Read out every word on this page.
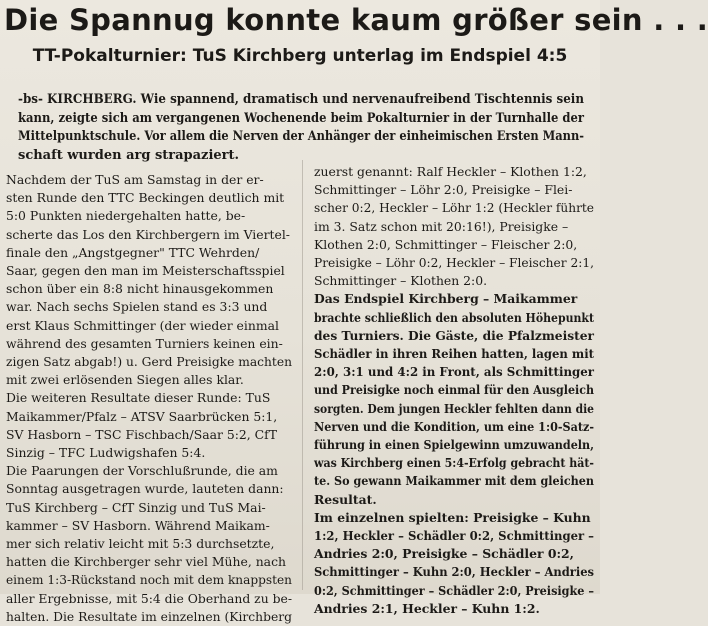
Die Spannug konnte kaum größer sein . . .
TT-Pokalturnier: TuS Kirchberg unterlag im Endspiel 4:5
-bs- KIRCHBERG. Wie spannend, dramatisch und nervenaufreibend Tischtennis sein
kann, zeigte sich am vergangenen Wochenende beim Pokalturnier in der Turnhalle der
Mittelpunktschule. Vor allem die Nerven der Anhänger der einheimischen Ersten Mann-
schaft wurden arg strapaziert.
Nachdem der TuS am Samstag in der er-
sten Runde den TTC Beckingen deutlich mit
5:0 Punkten niedergehalten hatte, be-
scherte das Los den Kirchbergern im Viertel-
finale den „Angstgegner" TTC Wehrden/
Saar, gegen den man im Meisterschaftsspiel
schon über ein 8:8 nicht hinausgekommen
war. Nach sechs Spielen stand es 3:3 und
erst Klaus Schmittinger (der wieder einmal
während des gesamten Turniers keinen ein-
zigen Satz abgab!) u. Gerd Preisigke machten
mit zwei erlösenden Siegen alles klar.
Die weiteren Resultate dieser Runde: TuS
Maikammer/Pfalz – ATSV Saarbrücken 5:1,
SV Hasborn – TSC Fischbach/Saar 5:2, CfT
Sinzig – TFC Ludwigshafen 5:4.
Die Paarungen der Vorschlußrunde, die am
Sonntag ausgetragen wurde, lauteten dann:
TuS Kirchberg – CfT Sinzig und TuS Mai-
kammer – SV Hasborn. Während Maikam-
mer sich relativ leicht mit 5:3 durchsetzte,
hatten die Kirchberger sehr viel Mühe, nach
einem 1:3-Rückstand noch mit dem knappsten
aller Ergebnisse, mit 5:4 die Oberhand zu be-
halten. Die Resultate im einzelnen (Kirchberg
zuerst genannt: Ralf Heckler – Klothen 1:2,
Schmittinger – Löhr 2:0, Preisigke – Flei-
scher 0:2, Heckler – Löhr 1:2 (Heckler führte
im 3. Satz schon mit 20:16!), Preisigke –
Klothen 2:0, Schmittinger – Fleischer 2:0,
Preisigke – Löhr 0:2, Heckler – Fleischer 2:1,
Schmittinger – Klothen 2:0.
Das Endspiel Kirchberg – Maikammer
brachte schließlich den absoluten Höhepunkt
des Turniers. Die Gäste, die Pfalzmeister
Schädler in ihren Reihen hatten, lagen mit
2:0, 3:1 und 4:2 in Front, als Schmittinger
und Preisigke noch einmal für den Ausgleich
sorgten. Dem jungen Heckler fehlten dann die
Nerven und die Kondition, um eine 1:0-Satz-
führung in einen Spielgewinn umzuwandeln,
was Kirchberg einen 5:4-Erfolg gebracht hät-
te. So gewann Maikammer mit dem gleichen
Resultat.
Im einzelnen spielten: Preisigke – Kuhn
1:2, Heckler – Schädler 0:2, Schmittinger –
Andries 2:0, Preisigke – Schädler 0:2,
Schmittinger – Kuhn 2:0, Heckler – Andries
0:2, Schmittinger – Schädler 2:0, Preisigke –
Andries 2:1, Heckler – Kuhn 1:2.
